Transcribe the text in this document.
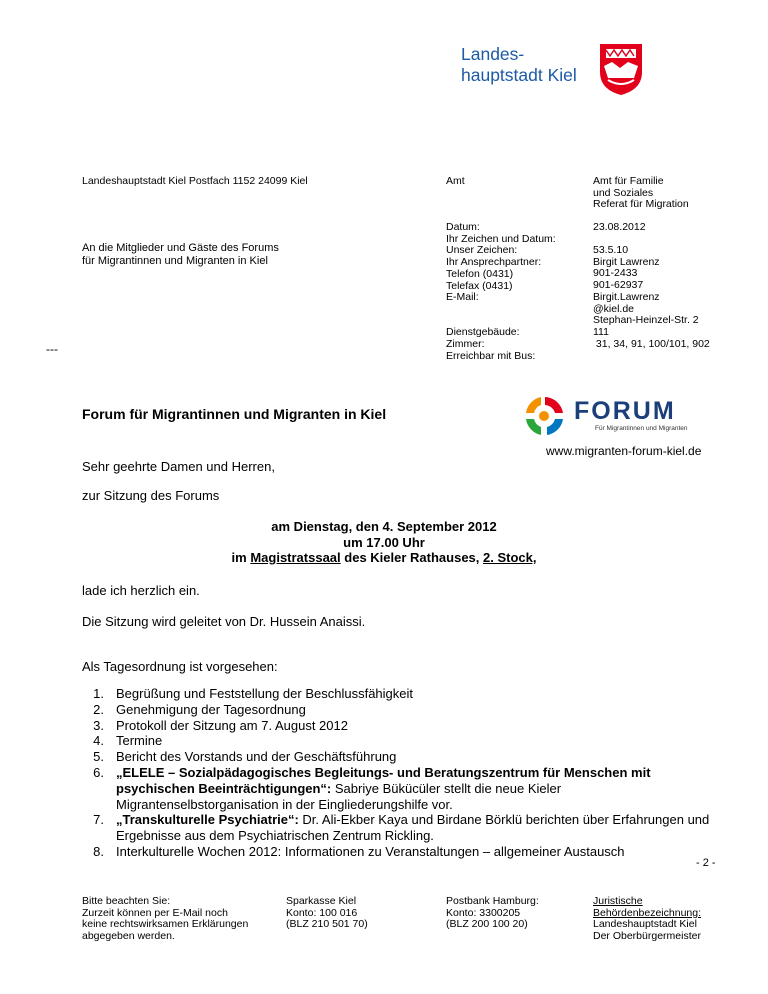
Landes-
hauptstadt Kiel
Landeshauptstadt Kiel Postfach 1152 24099 Kiel
An die Mitglieder und Gäste des Forums
für Migrantinnen und Migranten in Kiel
---
Amt	Amt für Familie
und Soziales
Referat für Migration
Datum:
Ihr Zeichen und Datum:
Unser Zeichen:
Ihr Ansprechpartner:
Telefon (0431)
Telefax (0431)
E-Mail:

Dienstgebäude:
Zimmer:
Erreichbar mit Bus:
23.08.2012
53.5.10
Birgit Lawrenz
901-2433
901-62937
Birgit.Lawrenz
@kiel.de
Stephan-Heinzel-Str. 2
111
31, 34, 91, 100/101, 902
Forum für Migrantinnen und Migranten in Kiel	FORUM
Für Migrantinnen und Migranten
www.migranten-forum-kiel.de
Sehr geehrte Damen und Herren,
zur Sitzung des Forums
am Dienstag, den 4. September 2012
um 17.00 Uhr
im Magistratssaal des Kieler Rathauses, 2. Stock,
lade ich herzlich ein.
Die Sitzung wird geleitet von Dr. Hussein Anaissi.
Als Tagesordnung ist vorgesehen:
1. Begrüßung und Feststellung der Beschlussfähigkeit
2. Genehmigung der Tagesordnung
3. Protokoll der Sitzung am 7. August 2012
4. Termine
5. Bericht des Vorstands und der Geschäftsführung
6. „ELELE – Sozialpädagogisches Begleitungs- und Beratungszentrum für Menschen mit psychischen Beeinträchtigungen“: Sabriye Bükücüler stellt die neue Kieler Migrantenselbstorganisation in der Eingliederungshilfe vor.
7. „Transkulturelle Psychiatrie“: Dr. Ali-Ekber Kaya und Birdane Börklü berichten über Erfahrungen und Ergebnisse aus dem Psychiatrischen Zentrum Rickling.
8. Interkulturelle Wochen 2012: Informationen zu Veranstaltungen – allgemeiner Austausch
- 2 -
Bitte beachten Sie:
Zurzeit können per E-Mail noch
keine rechtswirksamen Erklärungen
abgegeben werden.
Sparkasse Kiel
Konto: 100 016
(BLZ 210 501 70)
Postbank Hamburg:
Konto: 3300205
(BLZ 200 100 20)
Juristische
Behördenbezeichnung:
Landeshauptstadt Kiel
Der Oberbürgermeister
